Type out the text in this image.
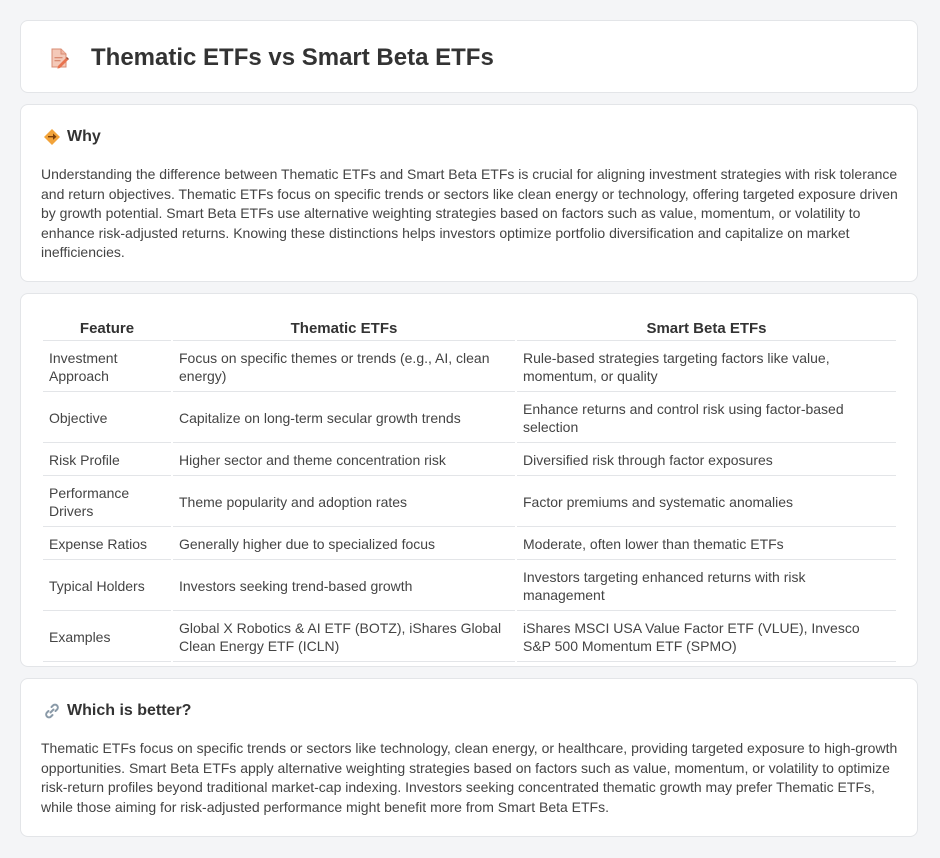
Thematic ETFs vs Smart Beta ETFs
Why

Understanding the difference between Thematic ETFs and Smart Beta ETFs is crucial for aligning investment strategies with risk tolerance and return objectives. Thematic ETFs focus on specific trends or sectors like clean energy or technology, offering targeted exposure driven by growth potential. Smart Beta ETFs use alternative weighting strategies based on factors such as value, momentum, or volatility to enhance risk-adjusted returns. Knowing these distinctions helps investors optimize portfolio diversification and capitalize on market inefficiencies.

Feature	Thematic ETFs	Smart Beta ETFs
Investment Approach	Focus on specific themes or trends (e.g., AI, clean energy)	Rule-based strategies targeting factors like value, momentum, or quality
Objective	Capitalize on long-term secular growth trends	Enhance returns and control risk using factor-based selection
Risk Profile	Higher sector and theme concentration risk	Diversified risk through factor exposures
Performance Drivers	Theme popularity and adoption rates	Factor premiums and systematic anomalies
Expense Ratios	Generally higher due to specialized focus	Moderate, often lower than thematic ETFs
Typical Holders	Investors seeking trend-based growth	Investors targeting enhanced returns with risk management
Examples	Global X Robotics & AI ETF (BOTZ), iShares Global Clean Energy ETF (ICLN)	iShares MSCI USA Value Factor ETF (VLUE), Invesco S&P 500 Momentum ETF (SPMO)
Which is better?

Thematic ETFs focus on specific trends or sectors like technology, clean energy, or healthcare, providing targeted exposure to high-growth opportunities. Smart Beta ETFs apply alternative weighting strategies based on factors such as value, momentum, or volatility to optimize risk-return profiles beyond traditional market-cap indexing. Investors seeking concentrated thematic growth may prefer Thematic ETFs, while those aiming for risk-adjusted performance might benefit more from Smart Beta ETFs.
